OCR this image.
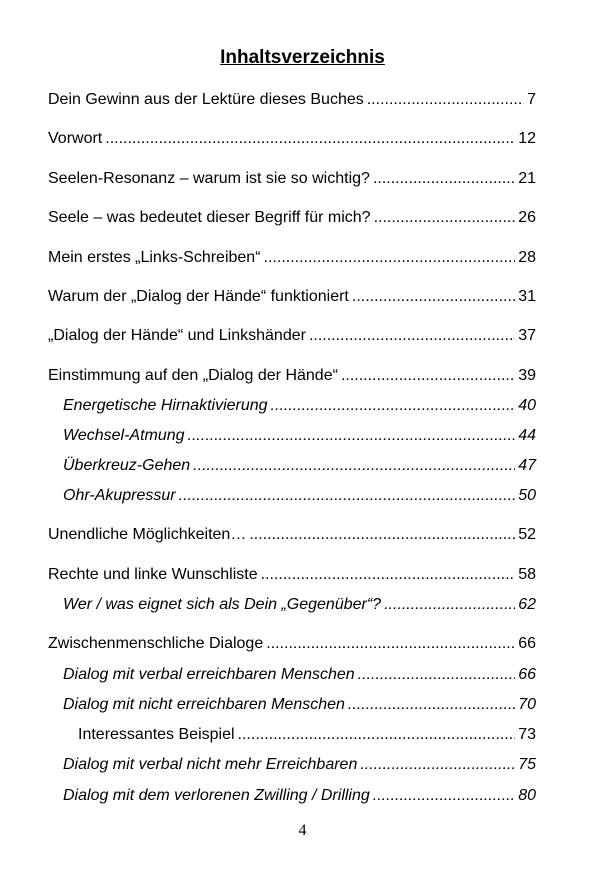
Inhaltsverzeichnis
Dein Gewinn aus der Lektüre dieses Buches .....	7
Vorwort .....	12
Seelen-Resonanz – warum ist sie so wichtig? .....	21
Seele – was bedeutet dieser Begriff für mich? .....	26
Mein erstes „Links-Schreiben“ .....	28
Warum der „Dialog der Hände“ funktioniert .....	31
„Dialog der Hände“ und Linkshänder .....	37
Einstimmung auf den „Dialog der Hände“ .....	39
Energetische Hirnaktivierung .....	40
Wechsel-Atmung .....	44
Überkreuz-Gehen .....	47
Ohr-Akupressur .....	50
Unendliche Möglichkeiten… .....	52
Rechte und linke Wunschliste .....	58
Wer / was eignet sich als Dein „Gegenüber“? .....	62
Zwischenmenschliche Dialoge .....	66
Dialog mit verbal erreichbaren Menschen .....	66
Dialog mit nicht erreichbaren Menschen .....	70
Interessantes Beispiel .....	73
Dialog mit verbal nicht mehr Erreichbaren .....	75
Dialog mit dem verlorenen Zwilling / Drilling .....	80
4
